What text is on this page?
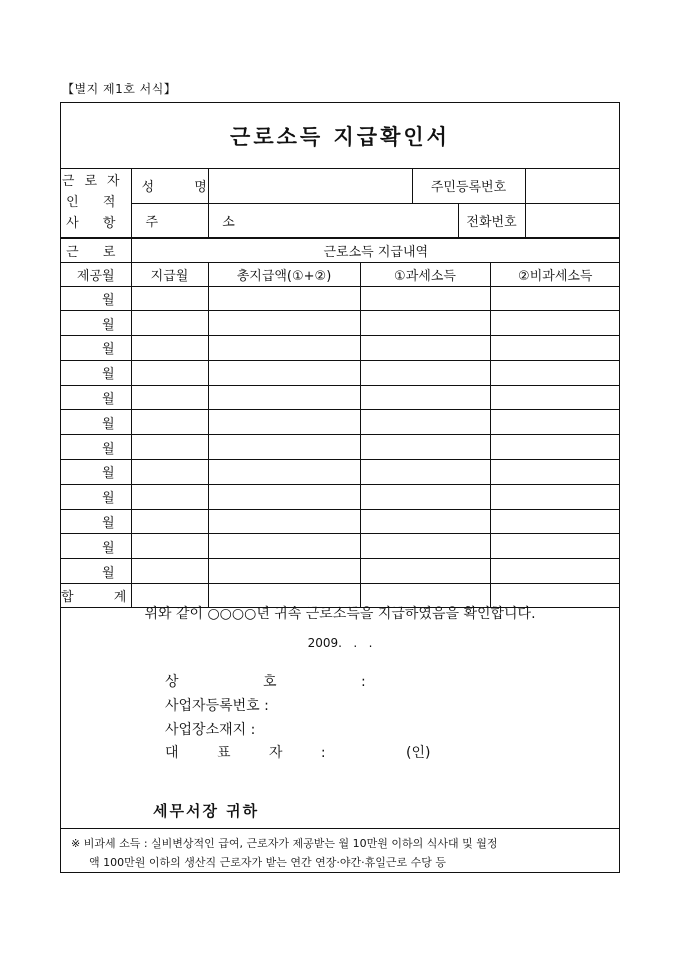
【별지 제1호 서식】
근로소득 지급확인서
근로자
인 적
사 항	성 명		주민등록번호		
	주 소			전화번호	
근 로	근로소득 지급내역			
제공월	지급월	총지급액(①+②)	①과세소득	②비과세소득
월				
월				
월				
월				
월				
월				
월				
월				
월				
월				
월				
월				
합 계				
위와 같이 ○○○○년 귀속 근로소득을 지급하였음을 확인합니다.
2009.   .   .
상 호 :
사업자등록번호 :
사업장소재지 :
대 표 자 :	(인)
세무서장 귀하
※ 비과세 소득 : 실비변상적인 급여, 근로자가 제공받는 월 10만원 이하의 식사대 및 월정
액 100만원 이하의 생산직 근로자가 받는 연간 연장·야간·휴일근로 수당 등
